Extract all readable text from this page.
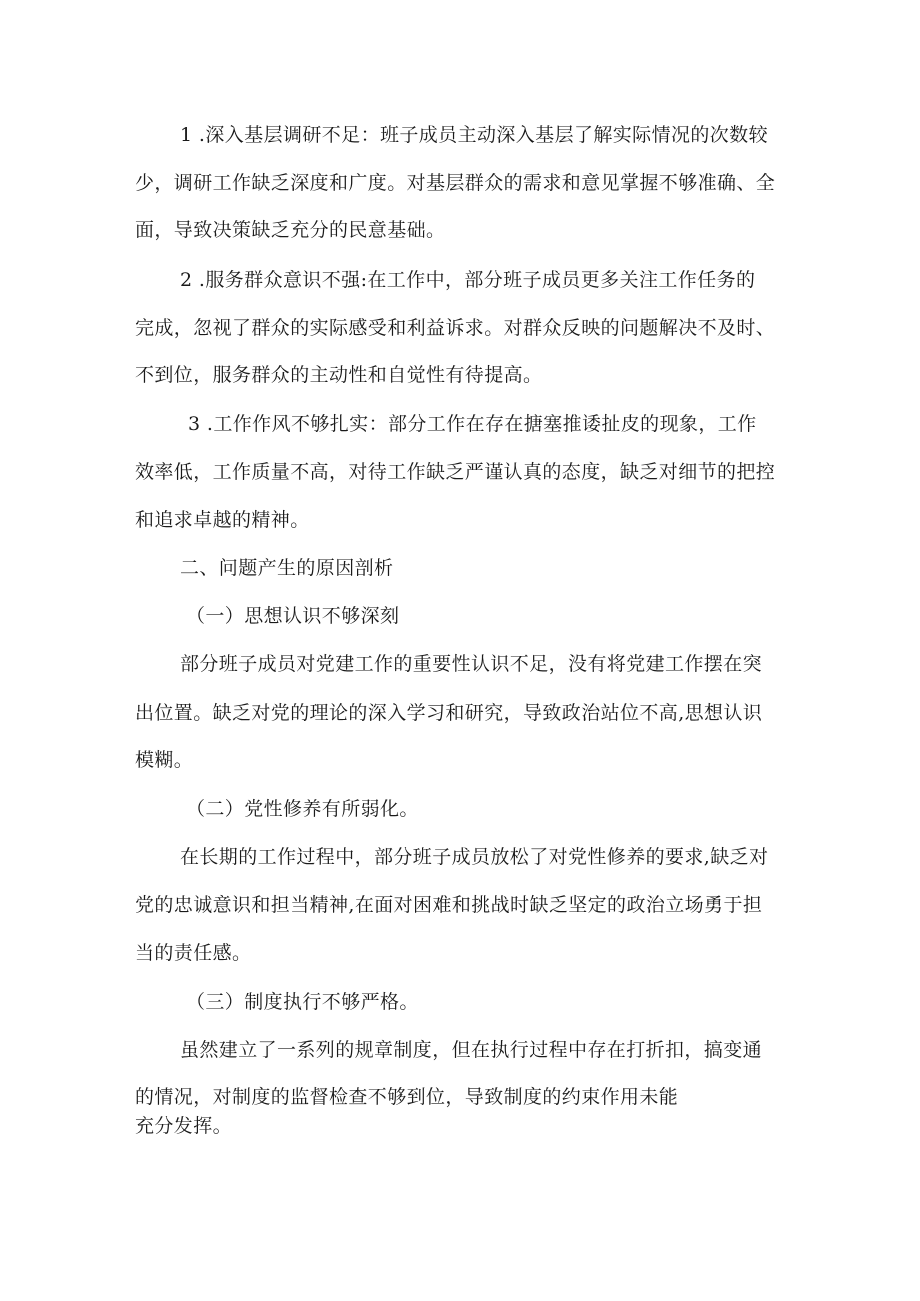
1 .深入基层调研不足：班子成员主动深入基层了解实际情况的次数较
少，调研工作缺乏深度和广度。对基层群众的需求和意见掌握不够准确、全
面，导致决策缺乏充分的民意基础。
2 .服务群众意识不强:在工作中，部分班子成员更多关注工作任务的
完成，忽视了群众的实际感受和利益诉求。对群众反映的问题解决不及时、
不到位，服务群众的主动性和自觉性有待提高。
3 .工作作风不够扎实：部分工作在存在搪塞推诿扯皮的现象，工作
效率低，工作质量不高，对待工作缺乏严谨认真的态度，缺乏对细节的把控
和追求卓越的精神。
二、问题产生的原因剖析
（一）思想认识不够深刻
部分班子成员对党建工作的重要性认识不足，没有将党建工作摆在突
出位置。缺乏对党的理论的深入学习和研究，导致政治站位不高,思想认识
模糊。
（二）党性修养有所弱化。
在长期的工作过程中，部分班子成员放松了对党性修养的要求,缺乏对
党的忠诚意识和担当精神,在面对困难和挑战时缺乏坚定的政治立场勇于担
当的责任感。
（三）制度执行不够严格。
虽然建立了一系列的规章制度，但在执行过程中存在打折扣，搞变通
的情况，对制度的监督检查不够到位，导致制度的约束作用未能
充分发挥。
